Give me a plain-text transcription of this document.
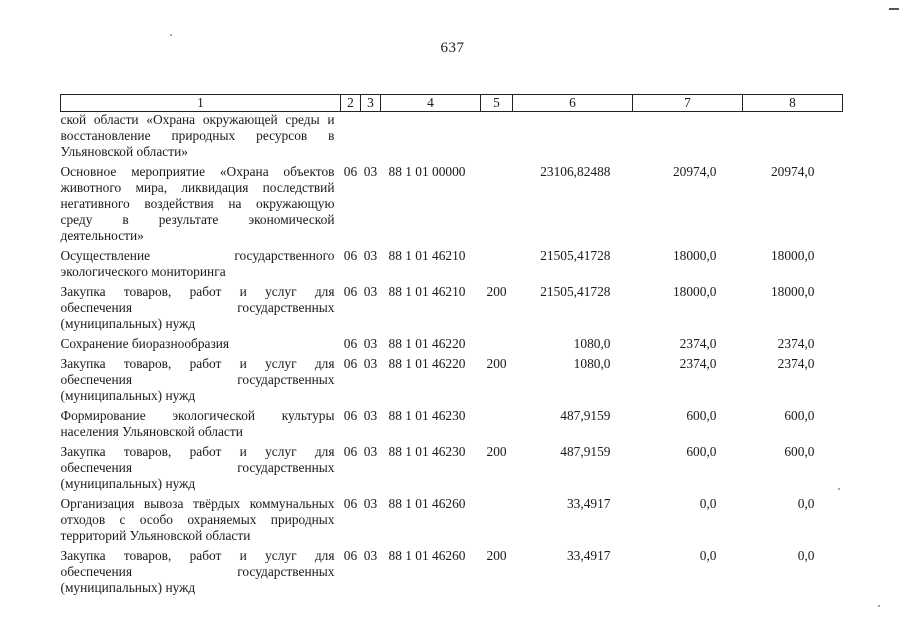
637
1	2	3	4	5	6	7	8
ской области «Охрана окружающей среды и восстановление природных ресурсов в Ульяновской области»							
Основное мероприятие «Охрана объектов животного мира, ликвидация последствий негативного воздействия на окружающую среду в результате экономической деятельности»	06	03	88 1 01 00000		23106,82488	20974,0	20974,0
Осуществление государственного экологического мониторинга	06	03	88 1 01 46210		21505,41728	18000,0	18000,0
Закупка товаров, работ и услуг для обеспечения государственных (муниципальных) нужд	06	03	88 1 01 46210	200	21505,41728	18000,0	18000,0
Сохранение биоразнообразия	06	03	88 1 01 46220		1080,0	2374,0	2374,0
Закупка товаров, работ и услуг для обеспечения государственных (муниципальных) нужд	06	03	88 1 01 46220	200	1080,0	2374,0	2374,0
Формирование экологической культуры населения Ульяновской области	06	03	88 1 01 46230		487,9159	600,0	600,0
Закупка товаров, работ и услуг для обеспечения государственных (муниципальных) нужд	06	03	88 1 01 46230	200	487,9159	600,0	600,0
Организация вывоза твёрдых коммунальных отходов с особо охраняемых природных территорий Ульяновской области	06	03	88 1 01 46260		33,4917	0,0	0,0
Закупка товаров, работ и услуг для обеспечения государственных (муниципальных) нужд	06	03	88 1 01 46260	200	33,4917	0,0	0,0
